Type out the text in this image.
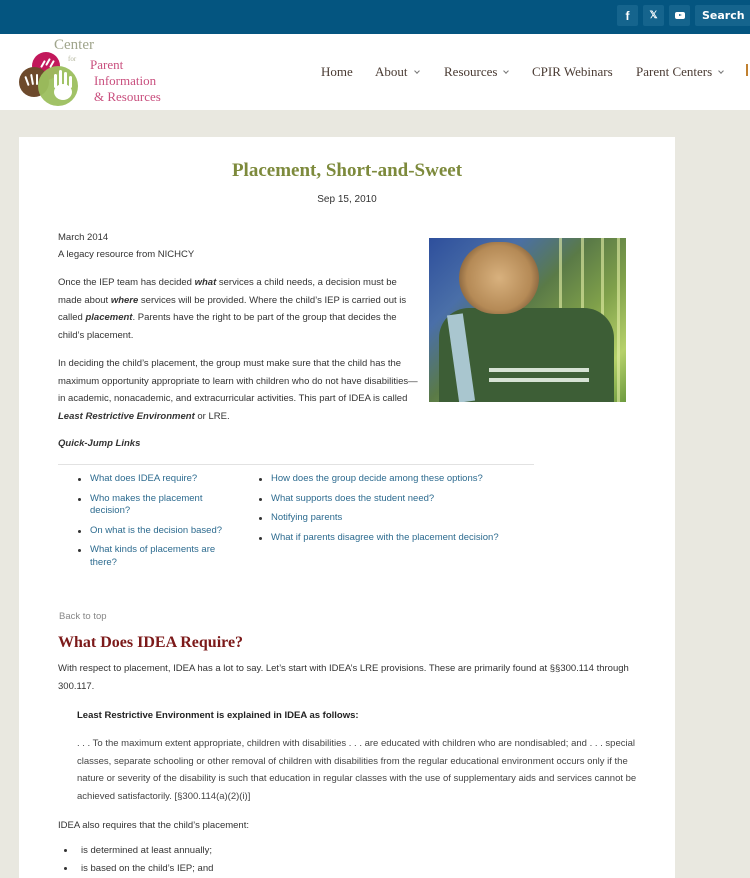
f 𝕏	Search
Center
for Parent
Information
& Resources
Home About	Resources	CPIR Webinars Parent Centers
Placement, Short-and-Sweet
Sep 15, 2010
March 2014
A legacy resource from NICHCY

Once the IEP team has decided what services a child needs, a decision must be made about where services will be provided. Where the child’s IEP is carried out is called placement. Parents have the right to be part of the group that decides the child’s placement.

In deciding the child’s placement, the group must make sure that the child has the maximum opportunity appropriate to learn with children who do not have disabilities—in academic, nonacademic, and extracurricular activities. This part of IDEA is called Least Restrictive Environment or LRE.

Quick-Jump Links
What does IDEA require?
Who makes the placement decision?
On what is the decision based?
What kinds of placements are there?
How does the group decide among these options?
What supports does the student need?
Notifying parents
What if parents disagree with the placement decision?
Back to top
What Does IDEA Require?

With respect to placement, IDEA has a lot to say. Let’s start with IDEA’s LRE provisions. These are primarily found at §§300.114 through 300.117.

Least Restrictive Environment is explained in IDEA as follows:

. . . To the maximum extent appropriate, children with disabilities . . . are educated with children who are nondisabled; and . . . special classes, separate schooling or other removal of children with disabilities from the regular educational environment occurs only if the nature or severity of the disability is such that education in regular classes with the use of supplementary aids and services cannot be achieved satisfactorily. [§300.114(a)(2)(i)]

IDEA also requires that the child’s placement:

is determined at least annually;
is based on the child’s IEP; and
